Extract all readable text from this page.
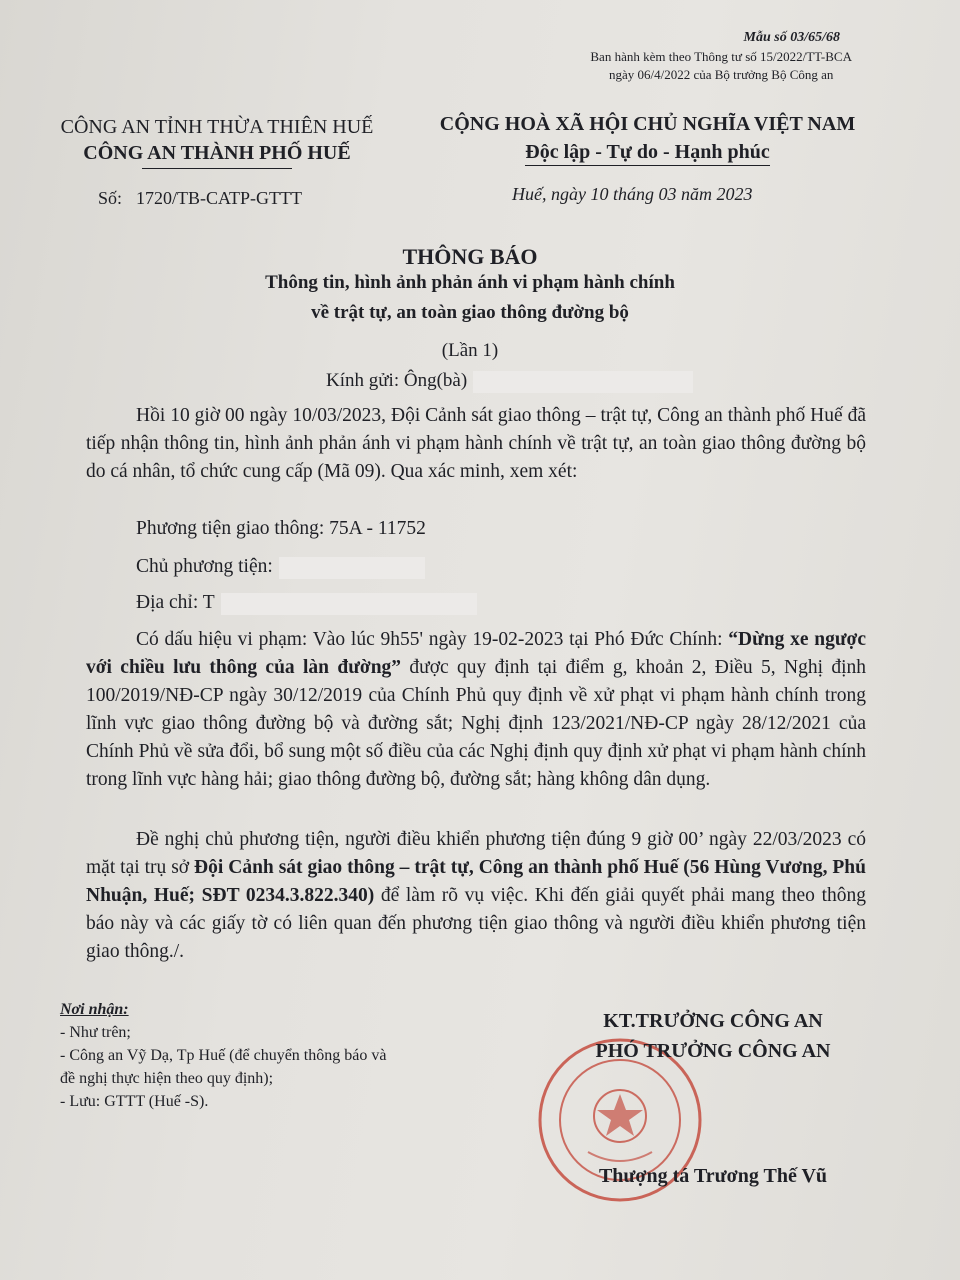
Mẫu số 03/65/68
Ban hành kèm theo Thông tư số 15/2022/TT-BCA
ngày 06/4/2022 của Bộ trưởng Bộ Công an
CÔNG AN TỈNH THỪA THIÊN HUẾ
CÔNG AN THÀNH PHỐ HUẾ
CỘNG HOÀ XÃ HỘI CHỦ NGHĨA VIỆT NAM
Độc lập - Tự do - Hạnh phúc
Số: 1720/TB-CATP-GTTT	Huế, ngày 10 tháng 03 năm 2023
THÔNG BÁO
Thông tin, hình ảnh phản ánh vi phạm hành chính
về trật tự, an toàn giao thông đường bộ
(Lần 1)
Kính gửi: Ông(bà)
Hồi 10 giờ 00 ngày 10/03/2023, Đội Cảnh sát giao thông – trật tự, Công an thành phố Huế đã tiếp nhận thông tin, hình ảnh phản ánh vi phạm hành chính về trật tự, an toàn giao thông đường bộ do cá nhân, tổ chức cung cấp (Mã 09). Qua xác minh, xem xét:
Phương tiện giao thông: 75A - 11752
Chủ phương tiện:
Địa chỉ: T
Có dấu hiệu vi phạm: Vào lúc 9h55' ngày 19-02-2023 tại Phó Đức Chính: “Dừng xe ngược với chiều lưu thông của làn đường” được quy định tại điểm g, khoản 2, Điều 5, Nghị định 100/2019/NĐ-CP ngày 30/12/2019 của Chính Phủ quy định về xử phạt vi phạm hành chính trong lĩnh vực giao thông đường bộ và đường sắt; Nghị định 123/2021/NĐ-CP ngày 28/12/2021 của Chính Phủ về sửa đổi, bổ sung một số điều của các Nghị định quy định xử phạt vi phạm hành chính trong lĩnh vực hàng hải; giao thông đường bộ, đường sắt; hàng không dân dụng.
Đề nghị chủ phương tiện, người điều khiển phương tiện đúng 9 giờ 00’ ngày 22/03/2023 có mặt tại trụ sở Đội Cảnh sát giao thông – trật tự, Công an thành phố Huế (56 Hùng Vương, Phú Nhuận, Huế; SĐT 0234.3.822.340) để làm rõ vụ việc. Khi đến giải quyết phải mang theo thông báo này và các giấy tờ có liên quan đến phương tiện giao thông và người điều khiển phương tiện giao thông./.
Nơi nhận:
- Như trên;
- Công an Vỹ Dạ, Tp Huế (để chuyển thông báo và
đề nghị thực hiện theo quy định);
- Lưu: GTTT (Huế -S).
KT.TRƯỞNG CÔNG AN
PHÓ TRƯỞNG CÔNG AN
Thượng tá Trương Thế Vũ
